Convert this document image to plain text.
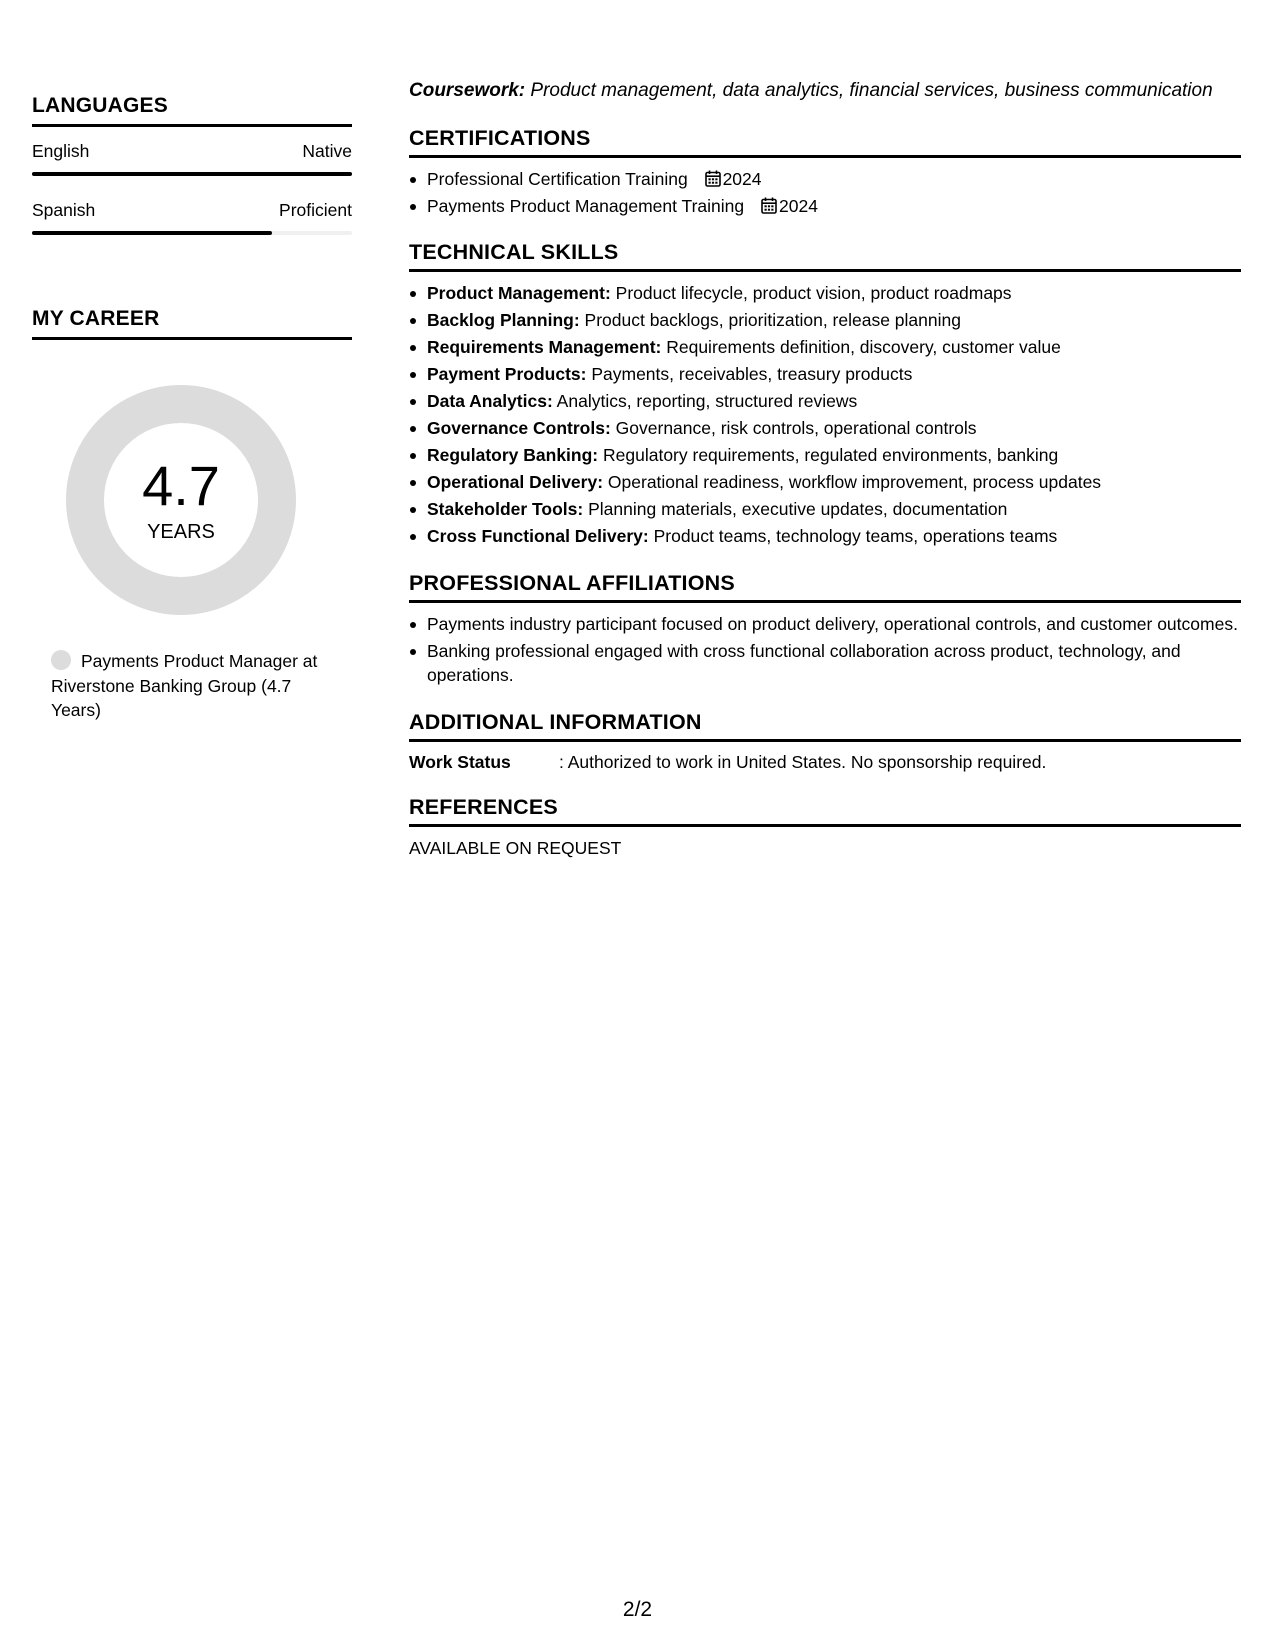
LANGUAGES
English	Native
Spanish	Proficient
MY CAREER
4.7
YEARS
Payments Product Manager at Riverstone Banking Group (4.7 Years)
Coursework: Product management, data analytics, financial services, business communication
CERTIFICATIONS
Professional Certification Training 2024
Payments Product Management Training 2024
TECHNICAL SKILLS
Product Management: Product lifecycle, product vision, product roadmaps
Backlog Planning: Product backlogs, prioritization, release planning
Requirements Management: Requirements definition, discovery, customer value
Payment Products: Payments, receivables, treasury products
Data Analytics: Analytics, reporting, structured reviews
Governance Controls: Governance, risk controls, operational controls
Regulatory Banking: Regulatory requirements, regulated environments, banking
Operational Delivery: Operational readiness, workflow improvement, process updates
Stakeholder Tools: Planning materials, executive updates, documentation
Cross Functional Delivery: Product teams, technology teams, operations teams
PROFESSIONAL AFFILIATIONS
Payments industry participant focused on product delivery, operational controls, and customer outcomes.
Banking professional engaged with cross functional collaboration across product, technology, and operations.
ADDITIONAL INFORMATION
Work Status	: Authorized to work in United States. No sponsorship required.
REFERENCES
AVAILABLE ON REQUEST
2/2
